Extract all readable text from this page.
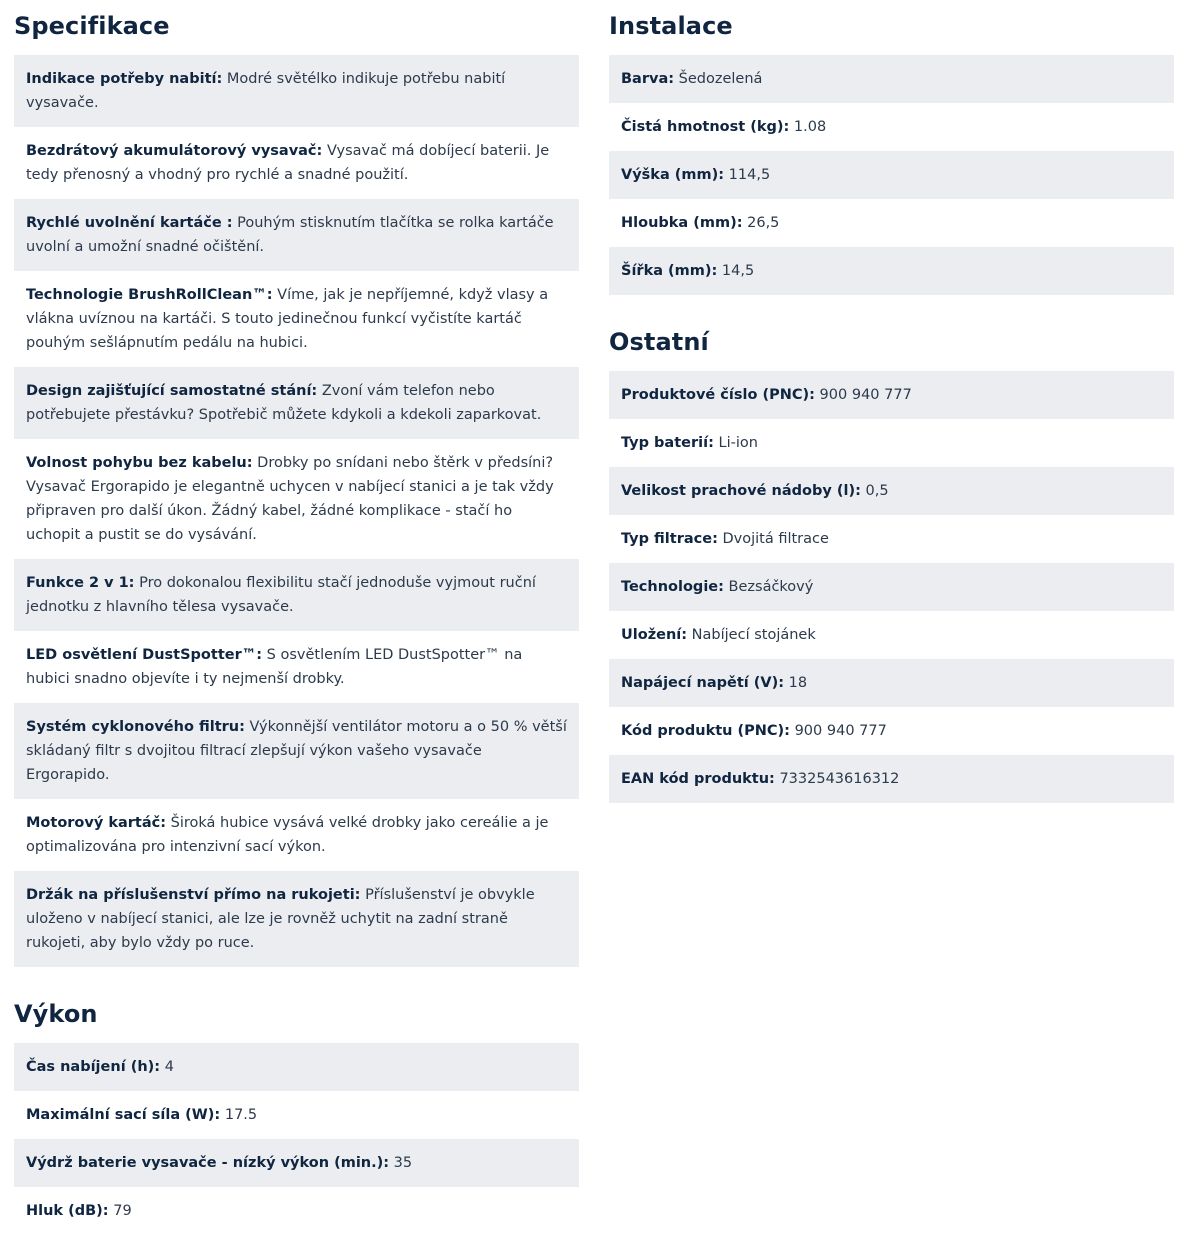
Specifikace
Indikace potřeby nabití: Modré světélko indikuje potřebu nabití vysavače.
Bezdrátový akumulátorový vysavač: Vysavač má dobíjecí baterii. Je tedy přenosný a vhodný pro rychlé a snadné použití.
Rychlé uvolnění kartáče : Pouhým stisknutím tlačítka se rolka kartáče uvolní a umožní snadné očištění.
Technologie BrushRollClean™: Víme, jak je nepříjemné, když vlasy a vlákna uvíznou na kartáči. S touto jedinečnou funkcí vyčistíte kartáč pouhým sešlápnutím pedálu na hubici.
Design zajišťující samostatné stání: Zvoní vám telefon nebo potřebujete přestávku? Spotřebič můžete kdykoli a kdekoli zaparkovat.
Volnost pohybu bez kabelu: Drobky po snídani nebo štěrk v předsíni? Vysavač Ergorapido je elegantně uchycen v nabíjecí stanici a je tak vždy připraven pro další úkon. Žádný kabel, žádné komplikace - stačí ho uchopit a pustit se do vysávání.
Funkce 2 v 1: Pro dokonalou flexibilitu stačí jednoduše vyjmout ruční jednotku z hlavního tělesa vysavače.
LED osvětlení DustSpotter™: S osvětlením LED DustSpotter™ na hubici snadno objevíte i ty nejmenší drobky.
Systém cyklonového filtru: Výkonnější ventilátor motoru a o 50 % větší skládaný filtr s dvojitou filtrací zlepšují výkon vašeho vysavače Ergorapido.
Motorový kartáč: Široká hubice vysává velké drobky jako cereálie a je optimalizována pro intenzivní sací výkon.
Držák na příslušenství přímo na rukojeti: Příslušenství je obvykle uloženo v nabíjecí stanici, ale lze je rovněž uchytit na zadní straně rukojeti, aby bylo vždy po ruce.
Výkon
Čas nabíjení (h): 4
Maximální sací síla (W): 17.5
Výdrž baterie vysavače - nízký výkon (min.): 35
Hluk (dB): 79
Instalace
Barva: Šedozelená
Čistá hmotnost (kg): 1.08
Výška (mm): 114,5
Hloubka (mm): 26,5
Šířka (mm): 14,5
Ostatní
Produktové číslo (PNC): 900 940 777
Typ baterií: Li-ion
Velikost prachové nádoby (l): 0,5
Typ filtrace: Dvojitá filtrace
Technologie: Bezsáčkový
Uložení: Nabíjecí stojánek
Napájecí napětí (V): 18
Kód produktu (PNC): 900 940 777
EAN kód produktu: 7332543616312
